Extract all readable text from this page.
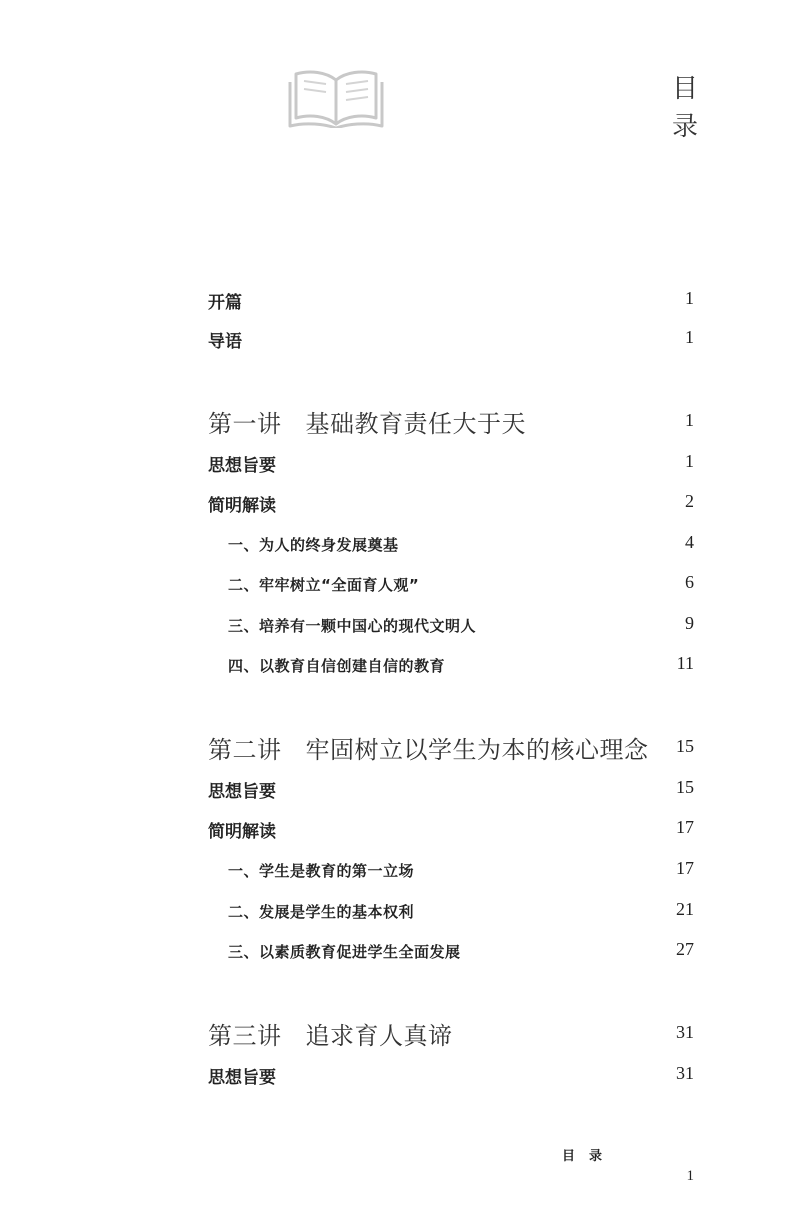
目
录
开篇	1
导语	1
第一讲 基础教育责任大于天	1
思想旨要	1
简明解读	2
一、为人的终身发展奠基	4
二、牢牢树立“全面育人观”	6
三、培养有一颗中国心的现代文明人	9
四、以教育自信创建自信的教育	11
第二讲 牢固树立以学生为本的核心理念 15
思想旨要	15
简明解读	17
一、学生是教育的第一立场	17
二、发展是学生的基本权利	21
三、以素质教育促进学生全面发展	27
第三讲 追求育人真谛	31
思想旨要	31
目录
1
